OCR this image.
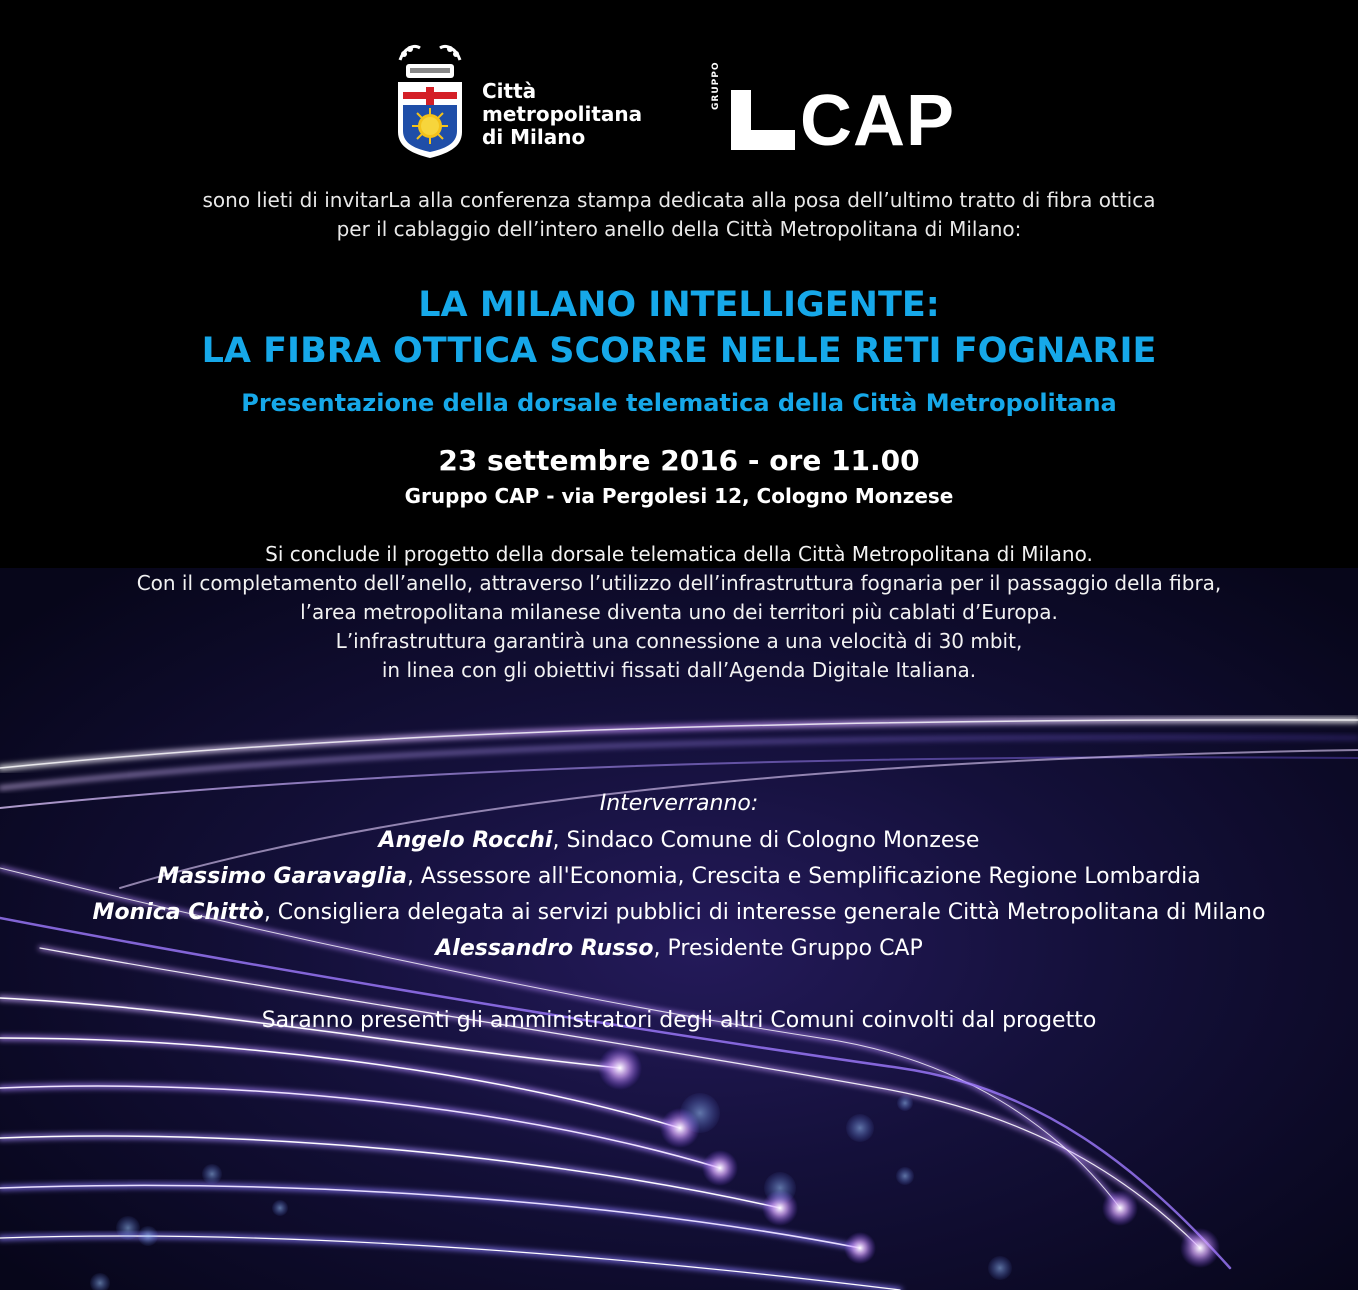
Città
metropolitana
di Milano
GRUPPO CAP
sono lieti di invitarLa alla conferenza stampa dedicata alla posa dell’ultimo tratto di fibra ottica
per il cablaggio dell’intero anello della Città Metropolitana di Milano:
LA MILANO INTELLIGENTE:
LA FIBRA OTTICA SCORRE NELLE RETI FOGNARIE
Presentazione della dorsale telematica della Città Metropolitana
23 settembre 2016 - ore 11.00
Gruppo CAP - via Pergolesi 12, Cologno Monzese
Si conclude il progetto della dorsale telematica della Città Metropolitana di Milano.
Con il completamento dell’anello, attraverso l’utilizzo dell’infrastruttura fognaria per il passaggio della fibra,
l’area metropolitana milanese diventa uno dei territori più cablati d’Europa.
L’infrastruttura garantirà una connessione a una velocità di 30 mbit,
in linea con gli obiettivi fissati dall’Agenda Digitale Italiana.
Interverranno:
Angelo Rocchi, Sindaco Comune di Cologno Monzese
Massimo Garavaglia, Assessore all'Economia, Crescita e Semplificazione Regione Lombardia
Monica Chittò, Consigliera delegata ai servizi pubblici di interesse generale Città Metropolitana di Milano
Alessandro Russo, Presidente Gruppo CAP
Saranno presenti gli amministratori degli altri Comuni coinvolti dal progetto
